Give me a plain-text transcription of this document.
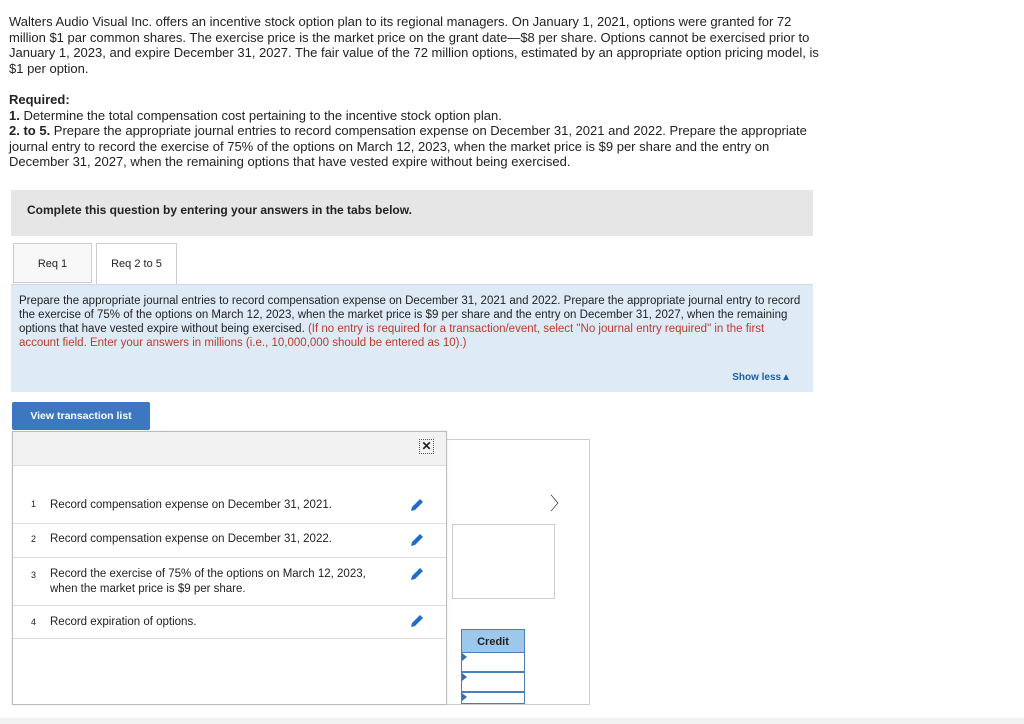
Walters Audio Visual Inc. offers an incentive stock option plan to its regional managers. On January 1, 2021, options were granted for 72 million $1 par common shares. The exercise price is the market price on the grant date—$8 per share. Options cannot be exercised prior to January 1, 2023, and expire December 31, 2027. The fair value of the 72 million options, estimated by an appropriate option pricing model, is $1 per option.

Required:

1. Determine the total compensation cost pertaining to the incentive stock option plan.

2. to 5. Prepare the appropriate journal entries to record compensation expense on December 31, 2021 and 2022. Prepare the appropriate journal entry to record the exercise of 75% of the options on March 12, 2023, when the market price is $9 per share and the entry on December 31, 2027, when the remaining options that have vested expire without being exercised.

Complete this question by entering your answers in the tabs below.
Req 1	Req 2 to 5
Prepare the appropriate journal entries to record compensation expense on December 31, 2021 and 2022. Prepare the appropriate journal entry to record the exercise of 75% of the options on March 12, 2023, when the market price is $9 per share and the entry on December 31, 2027, when the remaining options that have vested expire without being exercised. (If no entry is required for a transaction/event, select "No journal entry required" in the first account field. Enter your answers in millions (i.e., 10,000,000 should be entered as 10).)
Show less▲
View transaction list
〉
Credit
✕
1 Record compensation expense on December 31, 2021.
2 Record compensation expense on December 31, 2022.
3 Record the exercise of 75% of the options on March 12, 2023, when the market price is $9 per share.
4 Record expiration of options.
